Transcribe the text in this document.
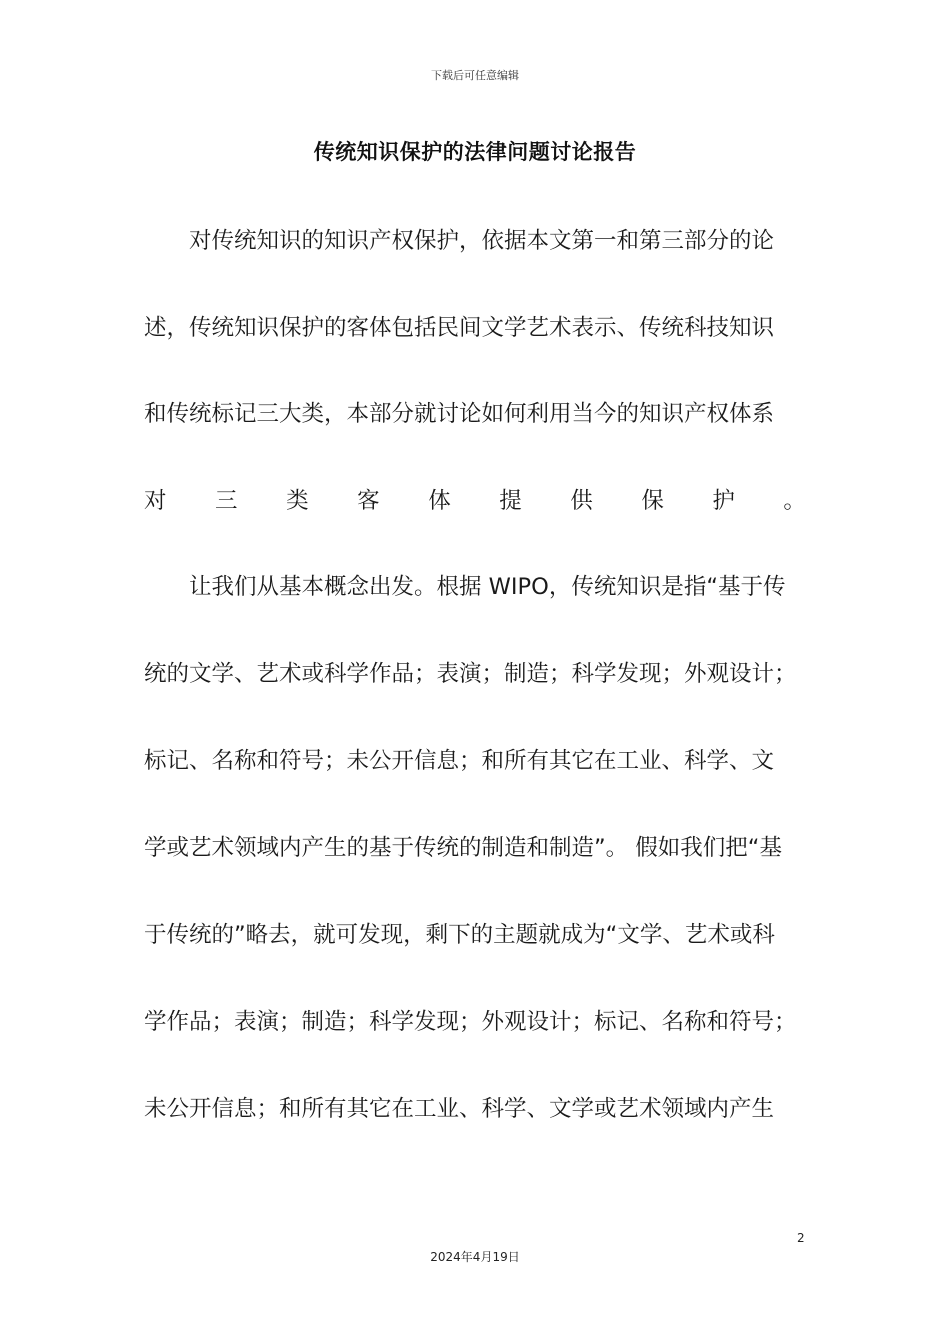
下载后可任意编辑
传统知识保护的法律问题讨论报告
对传统知识的知识产权保护，依据本文第一和第三部分的论
述，传统知识保护的客体包括民间文学艺术表示、传统科技知识
和传统标记三大类，本部分就讨论如何利用当今的知识产权体系
对 三 类 客 体 提 供 保 护 。
让我们从基本概念出发。根据 WIPO，传统知识是指“基于传
统的文学、艺术或科学作品；表演；制造；科学发现；外观设计；
标记、名称和符号；未公开信息；和所有其它在工业、科学、文
学或艺术领域内产生的基于传统的制造和制造”。 假如我们把“基
于传统的”略去，就可发现，剩下的主题就成为“文学、艺术或科
学作品；表演；制造；科学发现；外观设计；标记、名称和符号；
未公开信息；和所有其它在工业、科学、文学或艺术领域内产生
2
2024年4月19日
